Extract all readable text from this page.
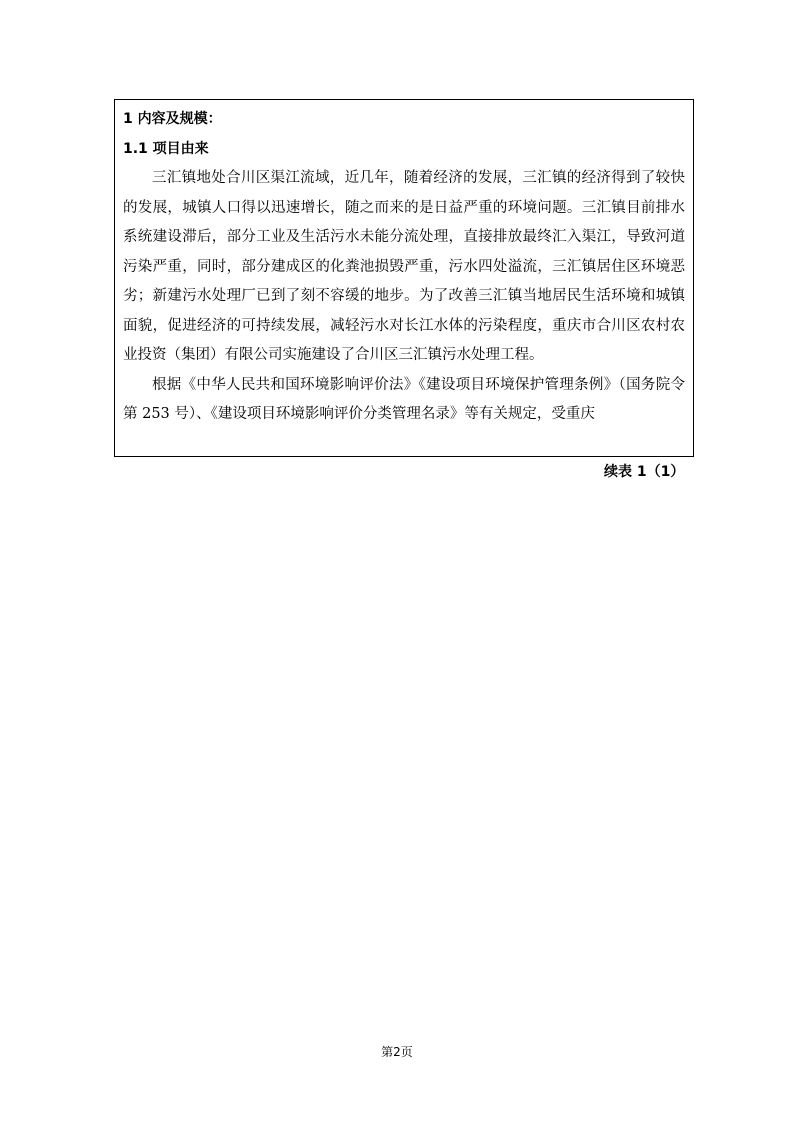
1 内容及规模：

1.1 项目由来

三汇镇地处合川区渠江流域，近几年，随着经济的发展，三汇镇的经济得到了较快的发展，城镇人口得以迅速增长，随之而来的是日益严重的环境问题。三汇镇目前排水系统建设滞后，部分工业及生活污水未能分流处理，直接排放最终汇入渠江，导致河道污染严重，同时，部分建成区的化粪池损毁严重，污水四处溢流，三汇镇居住区环境恶劣；新建污水处理厂已到了刻不容缓的地步。为了改善三汇镇当地居民生活环境和城镇面貌，促进经济的可持续发展，减轻污水对长江水体的污染程度，重庆市合川区农村农业投资（集团）有限公司实施建设了合川区三汇镇污水处理工程。

根据《中华人民共和国环境影响评价法》《建设项目环境保护管理条例》（国务院令第 253 号）、《建设项目环境影响评价分类管理名录》等有关规定，受重庆

续表 1（1）
第2页
